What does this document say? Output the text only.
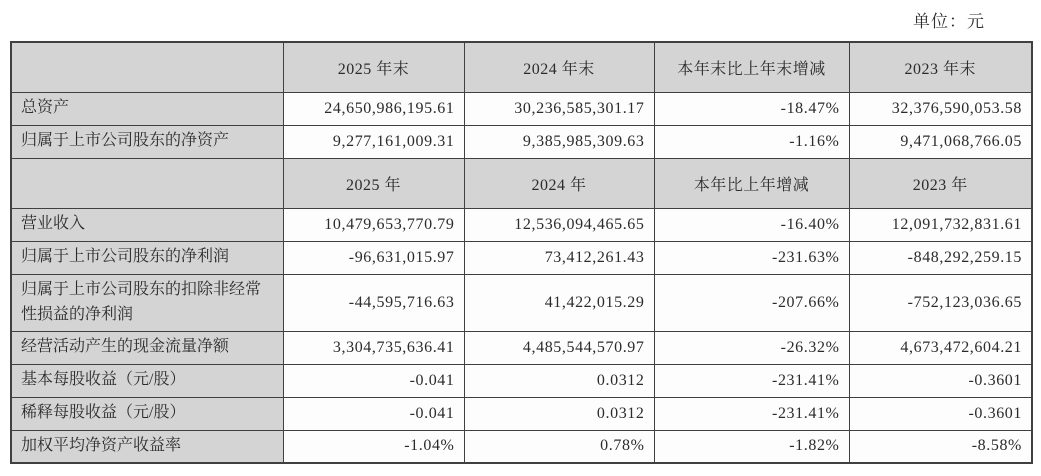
单位：元
	2025 年末	2024 年末	本年末比上年末增减	2023 年末
总资产	24,650,986,195.61	30,236,585,301.17	-18.47%	32,376,590,053.58
归属于上市公司股东的净资产	9,277,161,009.31	9,385,985,309.63	-1.16%	9,471,068,766.05
	2025 年	2024 年	本年比上年增减	2023 年
营业收入	10,479,653,770.79	12,536,094,465.65	-16.40%	12,091,732,831.61
归属于上市公司股东的净利润	-96,631,015.97	73,412,261.43	-231.63%	-848,292,259.15
归属于上市公司股东的扣除非经常性损益的净利润	-44,595,716.63	41,422,015.29	-207.66%	-752,123,036.65
经营活动产生的现金流量净额	3,304,735,636.41	4,485,544,570.97	-26.32%	4,673,472,604.21
基本每股收益（元/股）	-0.041	0.0312	-231.41%	-0.3601
稀释每股收益（元/股）	-0.041	0.0312	-231.41%	-0.3601
加权平均净资产收益率	-1.04%	0.78%	-1.82%	-8.58%
